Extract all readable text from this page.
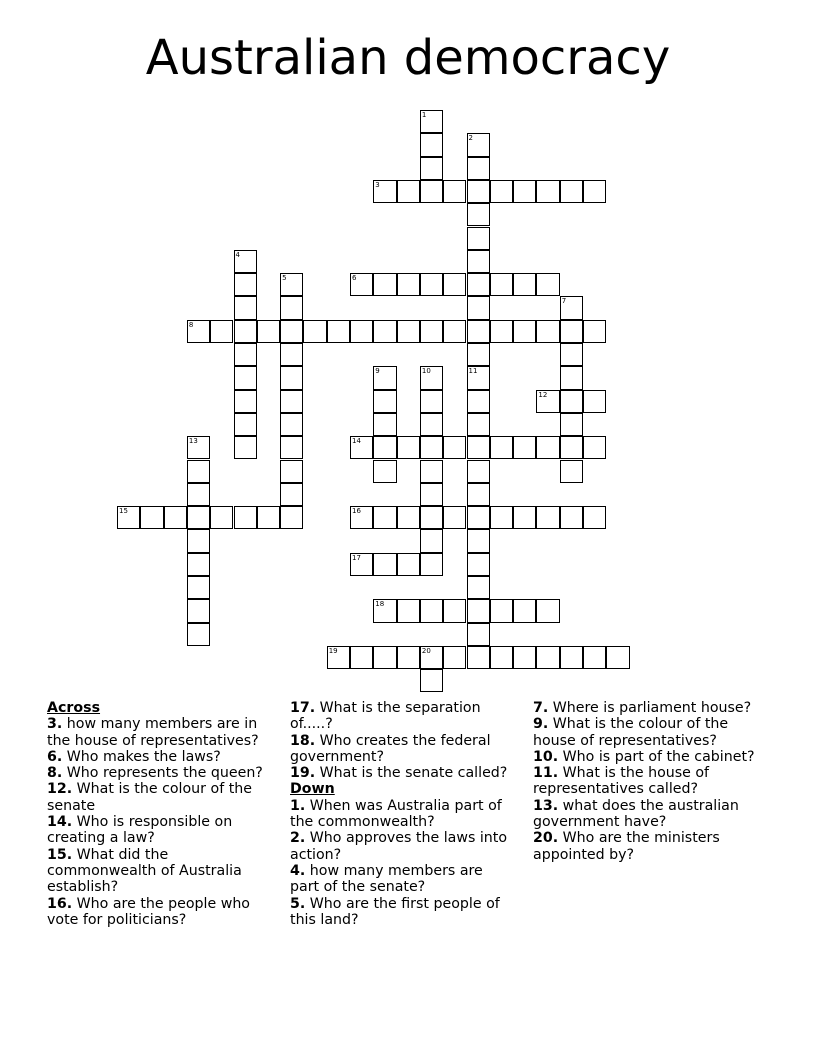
Australian democracy
1
2
11
3
4
5	6
7
8
9	10
12
13	14
15	16
17
18
19	20
Across
3. how many members are in the house of representatives?
6. Who makes the laws?
8. Who represents the queen?
12. What is the colour of the senate
14. Who is responsible on creating a law?
15. What did the commonwealth of Australia establish?
16. Who are the people who vote for politicians?
17. What is the separation of.....?
18. Who creates the federal government?
19. What is the senate called?
Down
1. When was Australia part of the commonwealth?
2. Who approves the laws into action?
4. how many members are part of the senate?
5. Who are the first people of this land?
7. Where is parliament house?
9. What is the colour of the house of representatives?
10. Who is part of the cabinet?
11. What is the house of representatives called?
13. what does the australian government have?
20. Who are the ministers appointed by?
